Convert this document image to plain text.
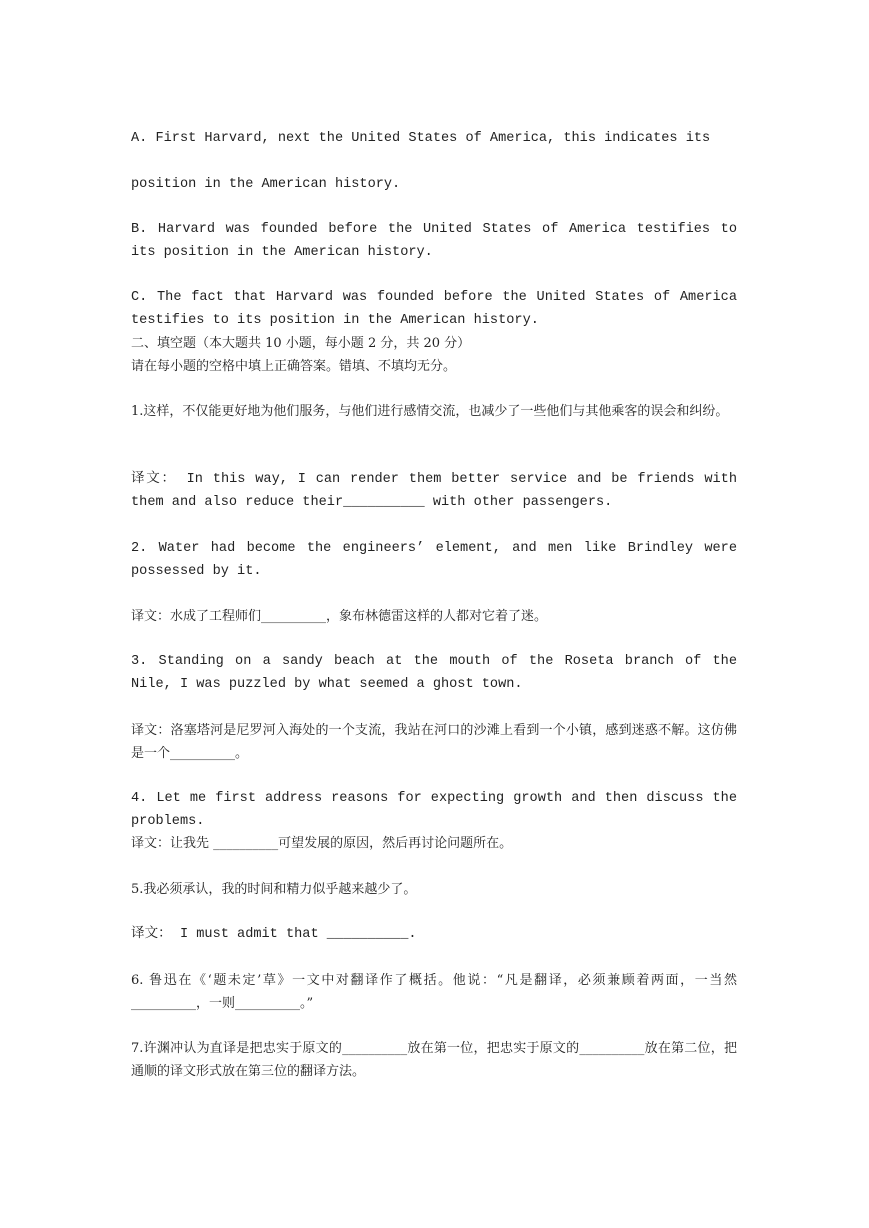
A. First Harvard, next the United States of America, this indicates its

position in the American history.

B. Harvard was founded before the United States of America testifies to its position in the American history.

C. The fact that Harvard was founded before the United States of America testifies to its position in the American history.

二、填空题（本大题共 10 小题，每小题 2 分，共 20 分）

请在每小题的空格中填上正确答案。错填、不填均无分。

1.这样，不仅能更好地为他们服务，与他们进行感情交流，也减少了一些他们与其他乘客的误会和纠纷。

译文： In this way, I can render them better service and be friends with them and also reduce their__________ with other passengers.

2. Water had become the engineers’ element, and men like Brindley were possessed by it.

译文：水成了工程师们__________，象布林德雷这样的人都对它着了迷。

3. Standing on a sandy beach at the mouth of the Roseta branch of the Nile, I was puzzled by what seemed a ghost town.

译文：洛塞塔河是尼罗河入海处的一个支流，我站在河口的沙滩上看到一个小镇，感到迷惑不解。这仿佛是一个__________。

4. Let me first address reasons for expecting growth and then discuss the problems.

译文：让我先 __________可望发展的原因，然后再讨论问题所在。

5.我必须承认，我的时间和精力似乎越来越少了。

译文： I must admit that __________.

6. 鲁迅在《‘题未定’草》一文中对翻译作了概括。他说：“凡是翻译，必须兼顾着两面，一当然__________，一则__________。”

7.许渊冲认为直译是把忠实于原文的__________放在第一位，把忠实于原文的__________放在第二位，把通顺的译文形式放在第三位的翻译方法。
